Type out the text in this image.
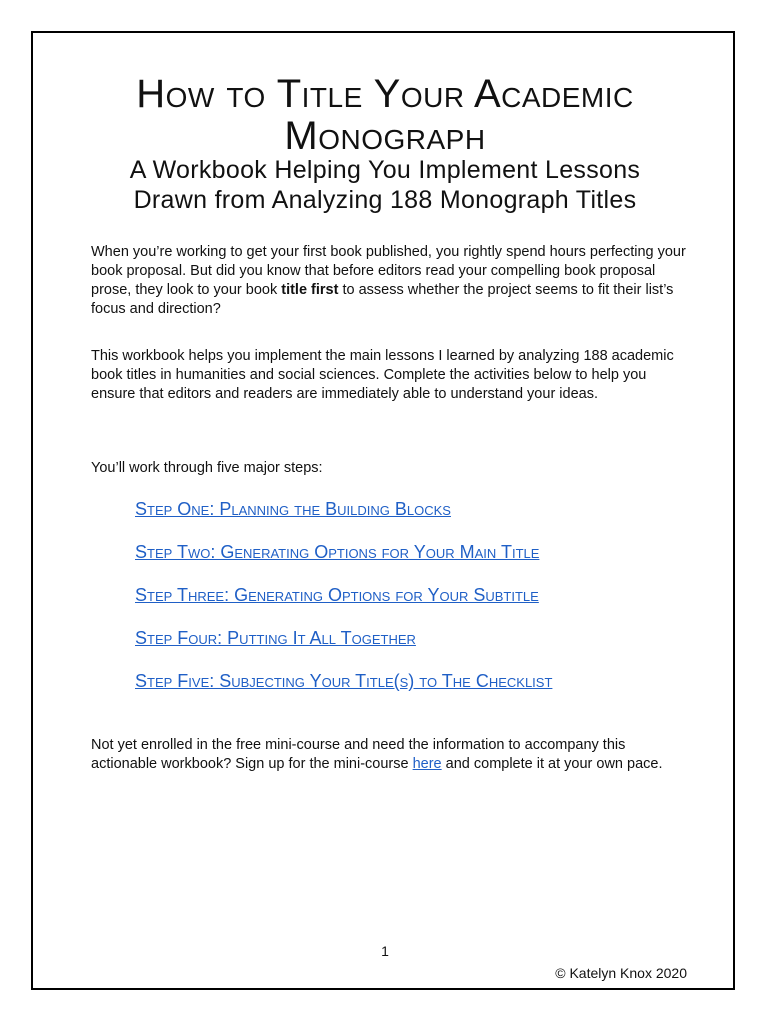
How to Title Your Academic Monograph
A Workbook Helping You Implement Lessons
Drawn from Analyzing 188 Monograph Titles

When you’re working to get your first book published, you rightly spend hours perfecting your book proposal. But did you know that before editors read your compelling book proposal prose, they look to your book title first to assess whether the project seems to fit their list’s focus and direction?

This workbook helps you implement the main lessons I learned by analyzing 188 academic book titles in humanities and social sciences. Complete the activities below to help you ensure that editors and readers are immediately able to understand your ideas.

You’ll work through five major steps:

Step One: Planning the Building Blocks
Step Two: Generating Options for Your Main Title
Step Three: Generating Options for Your Subtitle
Step Four: Putting It All Together
Step Five: Subjecting Your Title(s) to The Checklist

Not yet enrolled in the free mini-course and need the information to accompany this actionable workbook? Sign up for the mini-course here and complete it at your own pace.

1
© Katelyn Knox 2020
